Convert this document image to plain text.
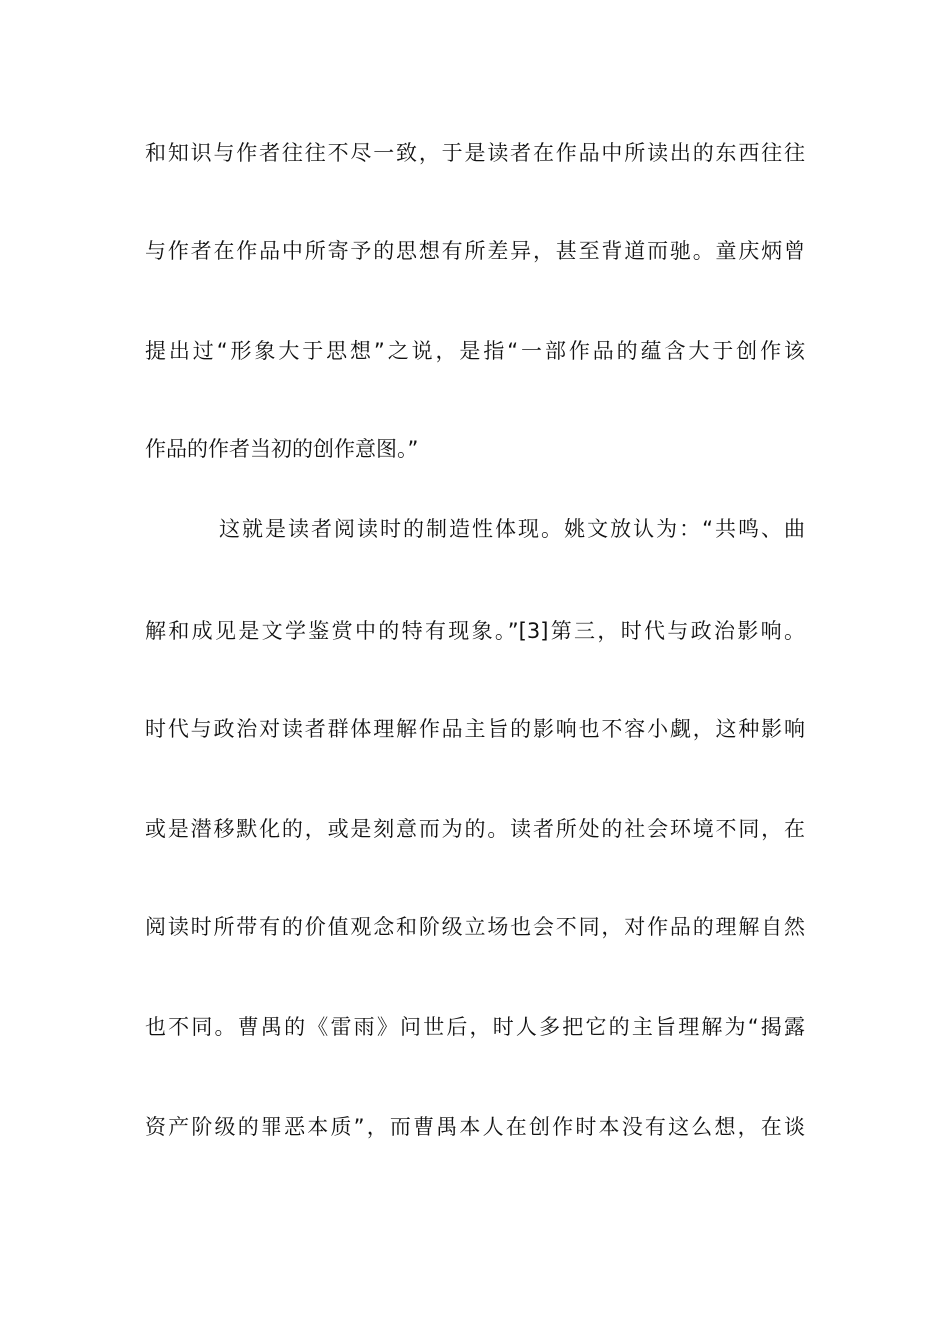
和知识与作者往往不尽一致，于是读者在作品中所读出的东西往往
与作者在作品中所寄予的思想有所差异，甚至背道而驰。童庆炳曾
提出过“形象大于思想”之说，是指“一部作品的蕴含大于创作该
作品的作者当初的创作意图。”
这就是读者阅读时的制造性体现。姚文放认为：“共鸣、曲
解和成见是文学鉴赏中的特有现象。”[3]第三，时代与政治影响。
时代与政治对读者群体理解作品主旨的影响也不容小觑，这种影响
或是潜移默化的，或是刻意而为的。读者所处的社会环境不同，在
阅读时所带有的价值观念和阶级立场也会不同，对作品的理解自然
也不同。曹禺的《雷雨》问世后，时人多把它的主旨理解为“揭露
资产阶级的罪恶本质”，而曹禺本人在创作时本没有这么想，在谈
